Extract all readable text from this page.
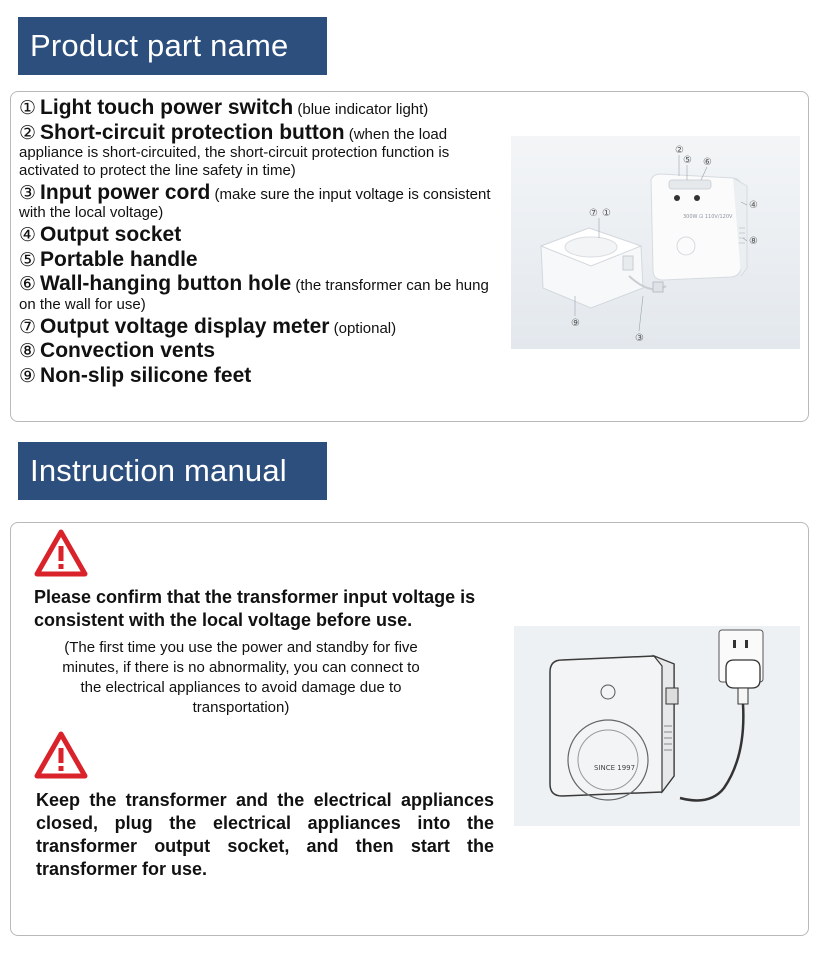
Product part name
① Light touch power switch (blue indicator light)
② Short-circuit protection button (when the load appliance is short-circuited, the short-circuit protection function is activated to protect the line safety in time)
③ Input power cord (make sure the input voltage is consistent with the local voltage)
④ Output socket
⑤ Portable handle
⑥ Wall-hanging button hole (the transformer can be hung on the wall for use)
⑦ Output voltage display meter (optional)
⑧ Convection vents
⑨ Non-slip silicone feet
300W ⊡ 110V/120V
②
⑤ ⑥
④
⑧
⑦ ①
⑨
③
Instruction manual
Please confirm that the transformer input voltage is consistent with the local voltage before use.
(The first time you use the power and standby for five minutes, if there is no abnormality, you can connect to the electrical appliances to avoid damage due to transportation)
Keep the transformer and the electrical appliances closed, plug the electrical appliances into the transformer output socket, and then start the transformer for use.
SINCE 1997
